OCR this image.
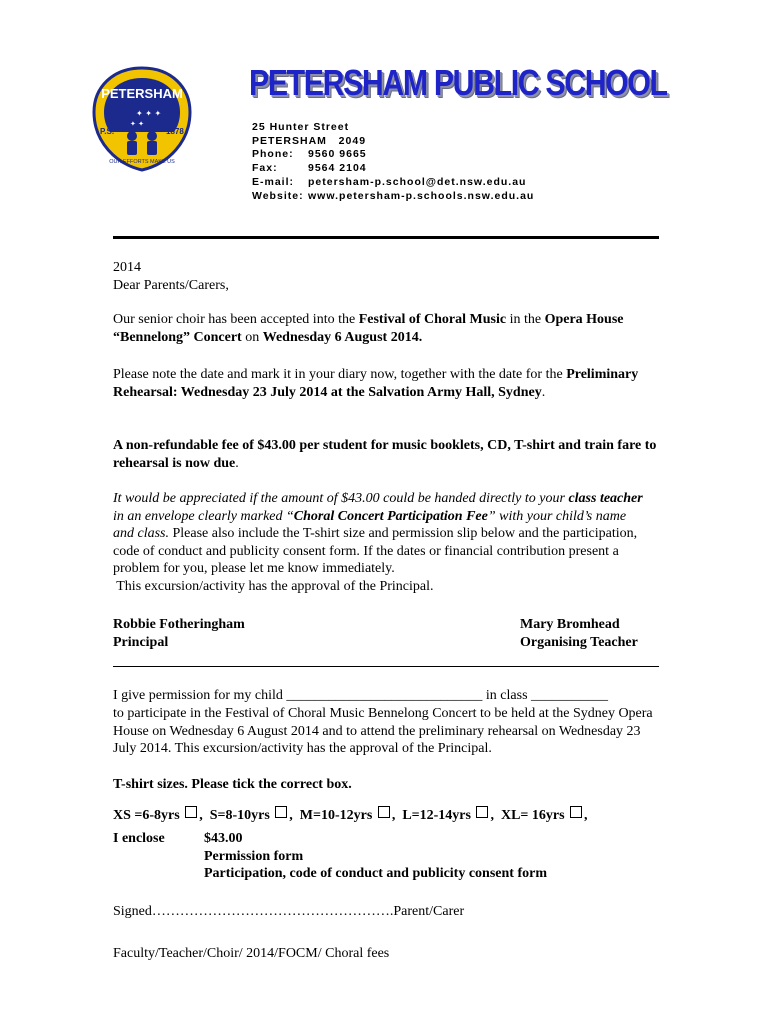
PETERSHAM
✦ ✦ ✦
✦ ✦
P.S.	1878
OUR EFFORTS MAKE US
PETERSHAM PUBLIC SCHOOL
25 Hunter Street
PETERSHAM   2049
Phone: 9560 9665
Fax:	9564 2104
E-mail: petersham-p.school@det.nsw.edu.au
Website: www.petersham-p.schools.nsw.edu.au
2014
Dear Parents/Carers,
Our senior choir has been accepted into the Festival of Choral Music in the Opera House “Bennelong” Concert on Wednesday 6 August 2014.
Please note the date and mark it in your diary now, together with the date for the Preliminary Rehearsal: Wednesday 23 July 2014 at the Salvation Army Hall, Sydney.
A non-refundable fee of $43.00 per student for music booklets, CD, T-shirt and train fare to rehearsal is now due.
It would be appreciated if the amount of $43.00 could be handed directly to your class teacher in an envelope clearly marked “Choral Concert Participation Fee” with your child’s name and class. Please also include the T-shirt size and permission slip below and the participation, code of conduct and publicity consent form. If the dates or financial contribution present a problem for you, please let me know immediately.
This excursion/activity has the approval of the Principal.
Robbie Fotheringham
Principal
Mary Bromhead
Organising Teacher
I give permission for my child ____________________________ in class ___________
to participate in the Festival of Choral Music Bennelong Concert to be held at the Sydney Opera House on Wednesday 6 August 2014 and to attend the preliminary rehearsal on Wednesday 23 July 2014. This excursion/activity has the approval of the Principal.
T-shirt sizes. Please tick the correct box.
XS =6-8yrs , S=8-10yrs , M=10-12yrs , L=12-14yrs , XL= 16yrs ,
I enclose	$43.00
Permission form
Participation, code of conduct and publicity consent form
Signed…………………………………………….Parent/Carer
Faculty/Teacher/Choir/ 2014/FOCM/ Choral fees
